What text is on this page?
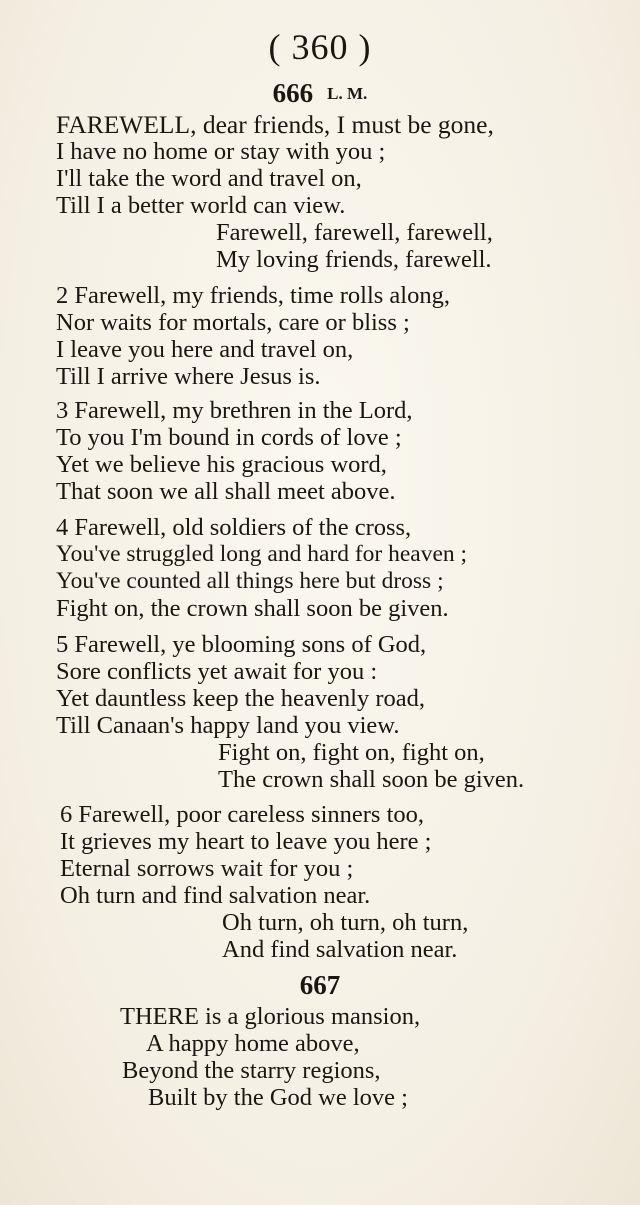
( 360 )
666 L. M.
FAREWELL, dear friends, I must be gone,
I have no home or stay with you ;
I'll take the word and travel on,
Till I a better world can view.
Farewell, farewell, farewell,
My loving friends, farewell.
2 Farewell, my friends, time rolls along,
Nor waits for mortals, care or bliss ;
I leave you here and travel on,
Till I arrive where Jesus is.
3 Farewell, my brethren in the Lord,
To you I'm bound in cords of love ;
Yet we believe his gracious word,
That soon we all shall meet above.
4 Farewell, old soldiers of the cross,
You've struggled long and hard for heaven ;
You've counted all things here but dross ;
Fight on, the crown shall soon be given.
5 Farewell, ye blooming sons of God,
Sore conflicts yet await for you :
Yet dauntless keep the heavenly road,
Till Canaan's happy land you view.
Fight on, fight on, fight on,
The crown shall soon be given.
6 Farewell, poor careless sinners too,
It grieves my heart to leave you here ;
Eternal sorrows wait for you ;
Oh turn and find salvation near.
Oh turn, oh turn, oh turn,
And find salvation near.
667
THERE is a glorious mansion,
A happy home above,
Beyond the starry regions,
Built by the God we love ;
